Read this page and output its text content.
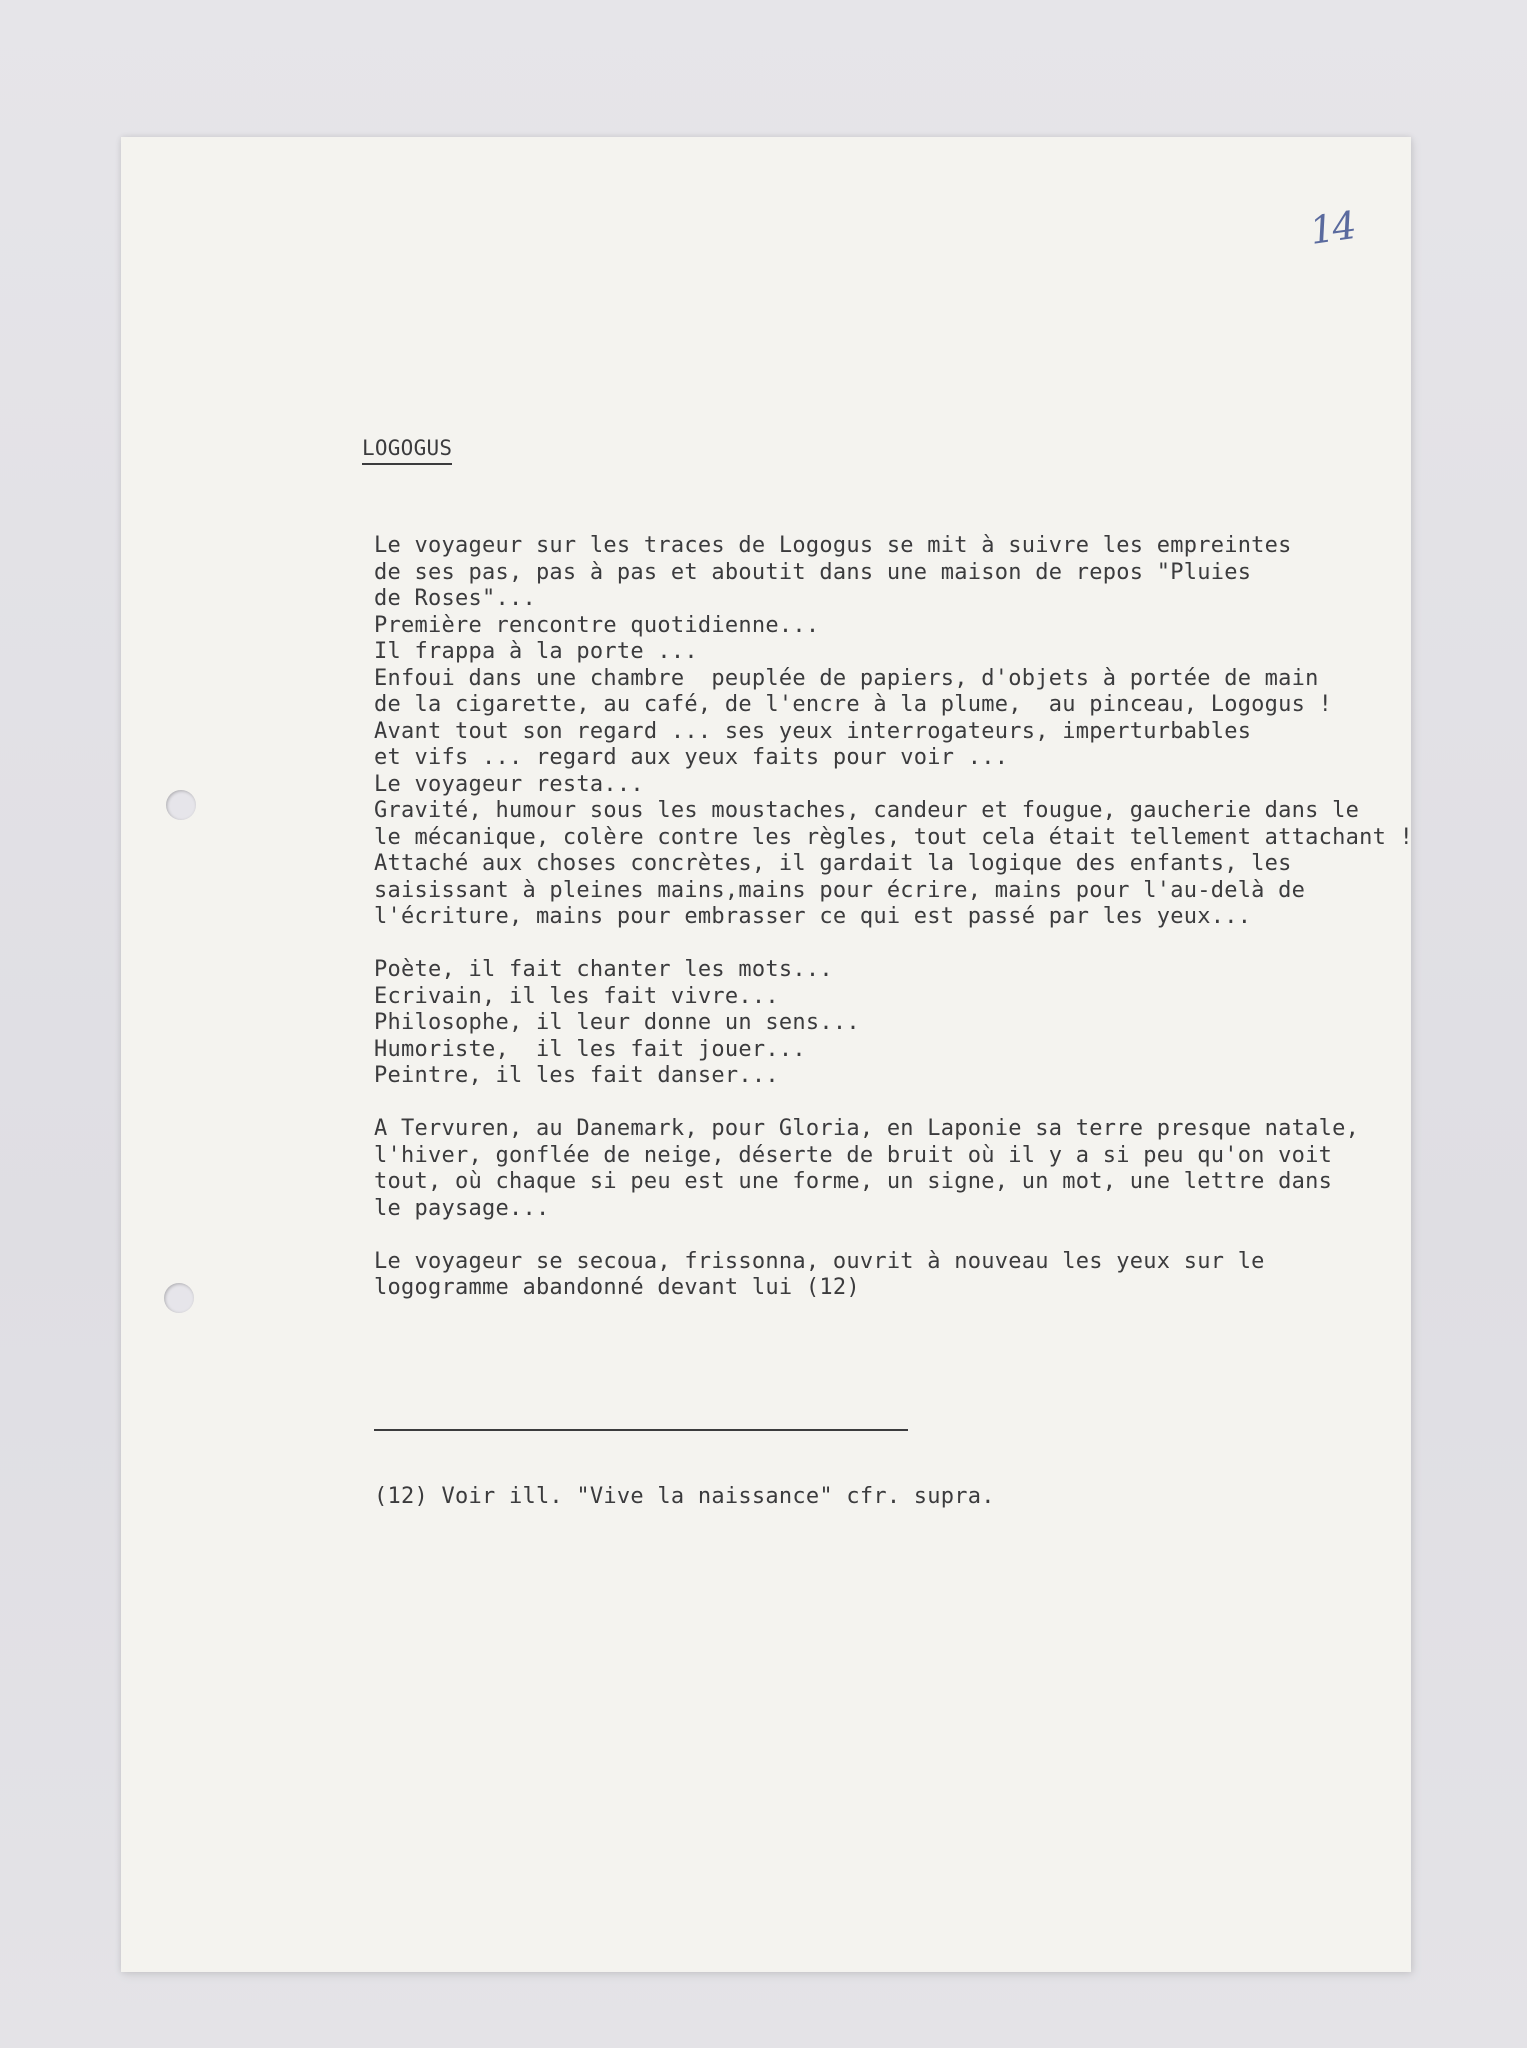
14
LOGOGUS
Le voyageur sur les traces de Logogus se mit à suivre les empreintes
de ses pas, pas à pas et aboutit dans une maison de repos "Pluies
de Roses"...
Première rencontre quotidienne...
Il frappa à la porte ...
Enfoui dans une chambre  peuplée de papiers, d'objets à portée de main
de la cigarette, au café, de l'encre à la plume,  au pinceau, Logogus !
Avant tout son regard ... ses yeux interrogateurs, imperturbables
et vifs ... regard aux yeux faits pour voir ...
Le voyageur resta...
Gravité, humour sous les moustaches, candeur et fougue, gaucherie dans le
le mécanique, colère contre les règles, tout cela était tellement attachant !
Attaché aux choses concrètes, il gardait la logique des enfants, les
saisissant à pleines mains,mains pour écrire, mains pour l'au-delà de
l'écriture, mains pour embrasser ce qui est passé par les yeux...
Poète, il fait chanter les mots...
Ecrivain, il les fait vivre...
Philosophe, il leur donne un sens...
Humoriste,  il les fait jouer...
Peintre, il les fait danser...
A Tervuren, au Danemark, pour Gloria, en Laponie sa terre presque natale,
l'hiver, gonflée de neige, déserte de bruit où il y a si peu qu'on voit
tout, où chaque si peu est une forme, un signe, un mot, une lettre dans
le paysage...
Le voyageur se secoua, frissonna, ouvrit à nouveau les yeux sur le
logogramme abandonné devant lui (12)

(12) Voir ill. "Vive la naissance" cfr. supra.
